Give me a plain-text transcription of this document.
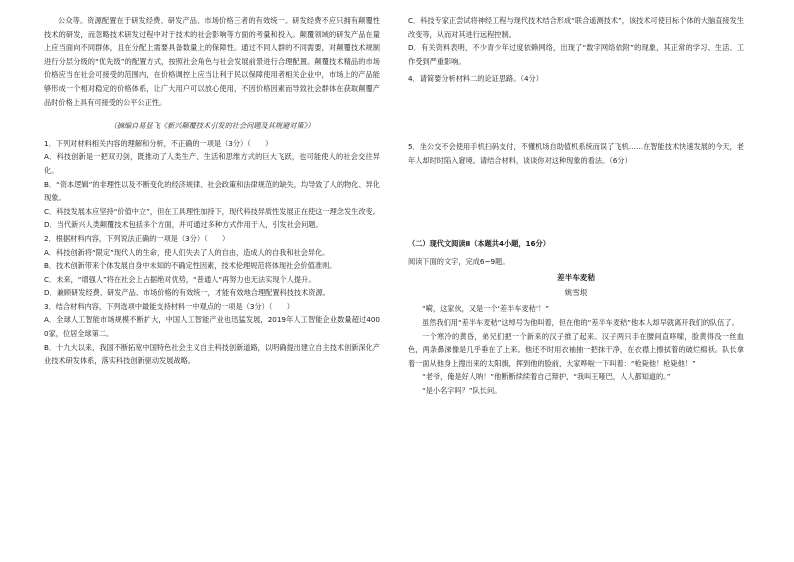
公众等。资源配置在于研发经费、研发产品、市场价格三者的有效统一。研发经费不应只拥有颠覆性技术的研发，而忽略技术研发过程中对于技术的社会影响等方面的考量和投入。颠覆领域的研发产品在量上应当面向不同群体，且在分配上需要具备数量上的保障性。通过不同人群的不同需要，对颠覆技术规制进行分层分级的“优先级”的配置方式，按照社会角色与社会发展前景进行合理配置。颠覆技术精品的市场价格应当在社会可接受的范围内，在价格调控上应当让利于民以保障使用者相关企业中，市场上的产品能够形成一个相对稳定的价格体系，让广大用户可以放心使用，不因价格因素而导致社会群体在获取颠覆产品时价格上具有可接受的公平公正性。

（摘编自易显飞《新兴颠覆技术引发的社会问题及其规避对策》）

1．下列对材料相关内容的理解和分析，不正确的一项是（3分）（　　）

A．科技创新是一把双刃剑，既推动了人类生产、生活和思维方式的巨大飞跃，也可能使人的社会交往异化。

B．“资本逻辑”的非理性以及不断变化的经济规律、社会政策和法律规范的缺失，均导致了人的物化、异化现象。

C．科技发展本应坚持“价值中立”，但在工具理性加持下，现代科技异质性发展正在使这一理念发生改变。

D．当代新兴人类颠覆技术包括多个方面，并可通过多种方式作用于人，引发社会问题。

2．根据材料内容，下列说法正确的一项是（3分）（　　）

A．科技创新将“限定”现代人的生命，使人们失去了人的自由，造成人的自我和社会异化。

B．技术创新带来个体发展自身中未知的不确定性因素，技术伦理规范将体现社会价值准则。

C．未来，“增强人”将在社会上占据绝对优势，“普通人”再努力也无法实现个人提升。

D．兼顾研发经费、研发产品、市场价格的有效统一，才能有效地合理配置科技技术资源。

3．结合材料内容，下列选项中最能支持材料一中观点的一项是（3分）（　　）

A．全球人工智能市场规模不断扩大，中国人工智能产业也迅猛发展，2019年人工智能企业数量超过4000家，位居全球第二。

B．十九大以来，我国不断拓宽中国特色社会主义自主科技创新道路，以明确提出建立自主技术创新深化产业技术研发体系，落实科技创新驱动发展战略。

C．科技专家正尝试将神经工程与现代技术结合形成“联合遥测技术”，该技术可使目标个体的大脑直接发生改变等，从而对其进行远程控制。

D．有关资料表明，不少青少年过度依赖网络，出现了“数字网络依附”的现象，其正常的学习、生活、工作受到严重影响。

4．请简要分析材料二的论证思路。（4分）

5．坐公交不会使用手机扫码支付，不懂机场自助值机系统而误了飞机……在智能技术快速发展的今天，老年人却时时陷入窘境。请结合材料，谈谈你对这种现象的看法。（6分）

（二）现代文阅读Ⅱ（本题共4小题，16分）

阅读下面的文字，完成6~9题。

差半车麦秸
姚雪垠

“嗬，这家伙，又是一个‘差半车麦秸’！”

虽然我们用“差半车麦秸”这绰号为他叫着，但在他的“差半车麦秸”他本人却早就离开我们的队伍了。

一个寒冷的黄昏，弟兄们把一个新来的汉子推了起来。汉子两只手在腰间直哆嗦，脸黄得没一丝血色，两条鼻涕像是几乎垂在了上来。他还不时用衣袖抽一把抹干净，在衣襟上擦拭着的破烂棉袄。队长拿着一面从他身上搜出来的太阳旗，挥到他的脸前，大家哗啦一下叫着：“枪毙他！枪毙他！”

“老爷，俺是好人呐！”他断断续续着自己辩护，“我叫王哑巴，人人都知道的。”

“是小名字吗？”队长问。
